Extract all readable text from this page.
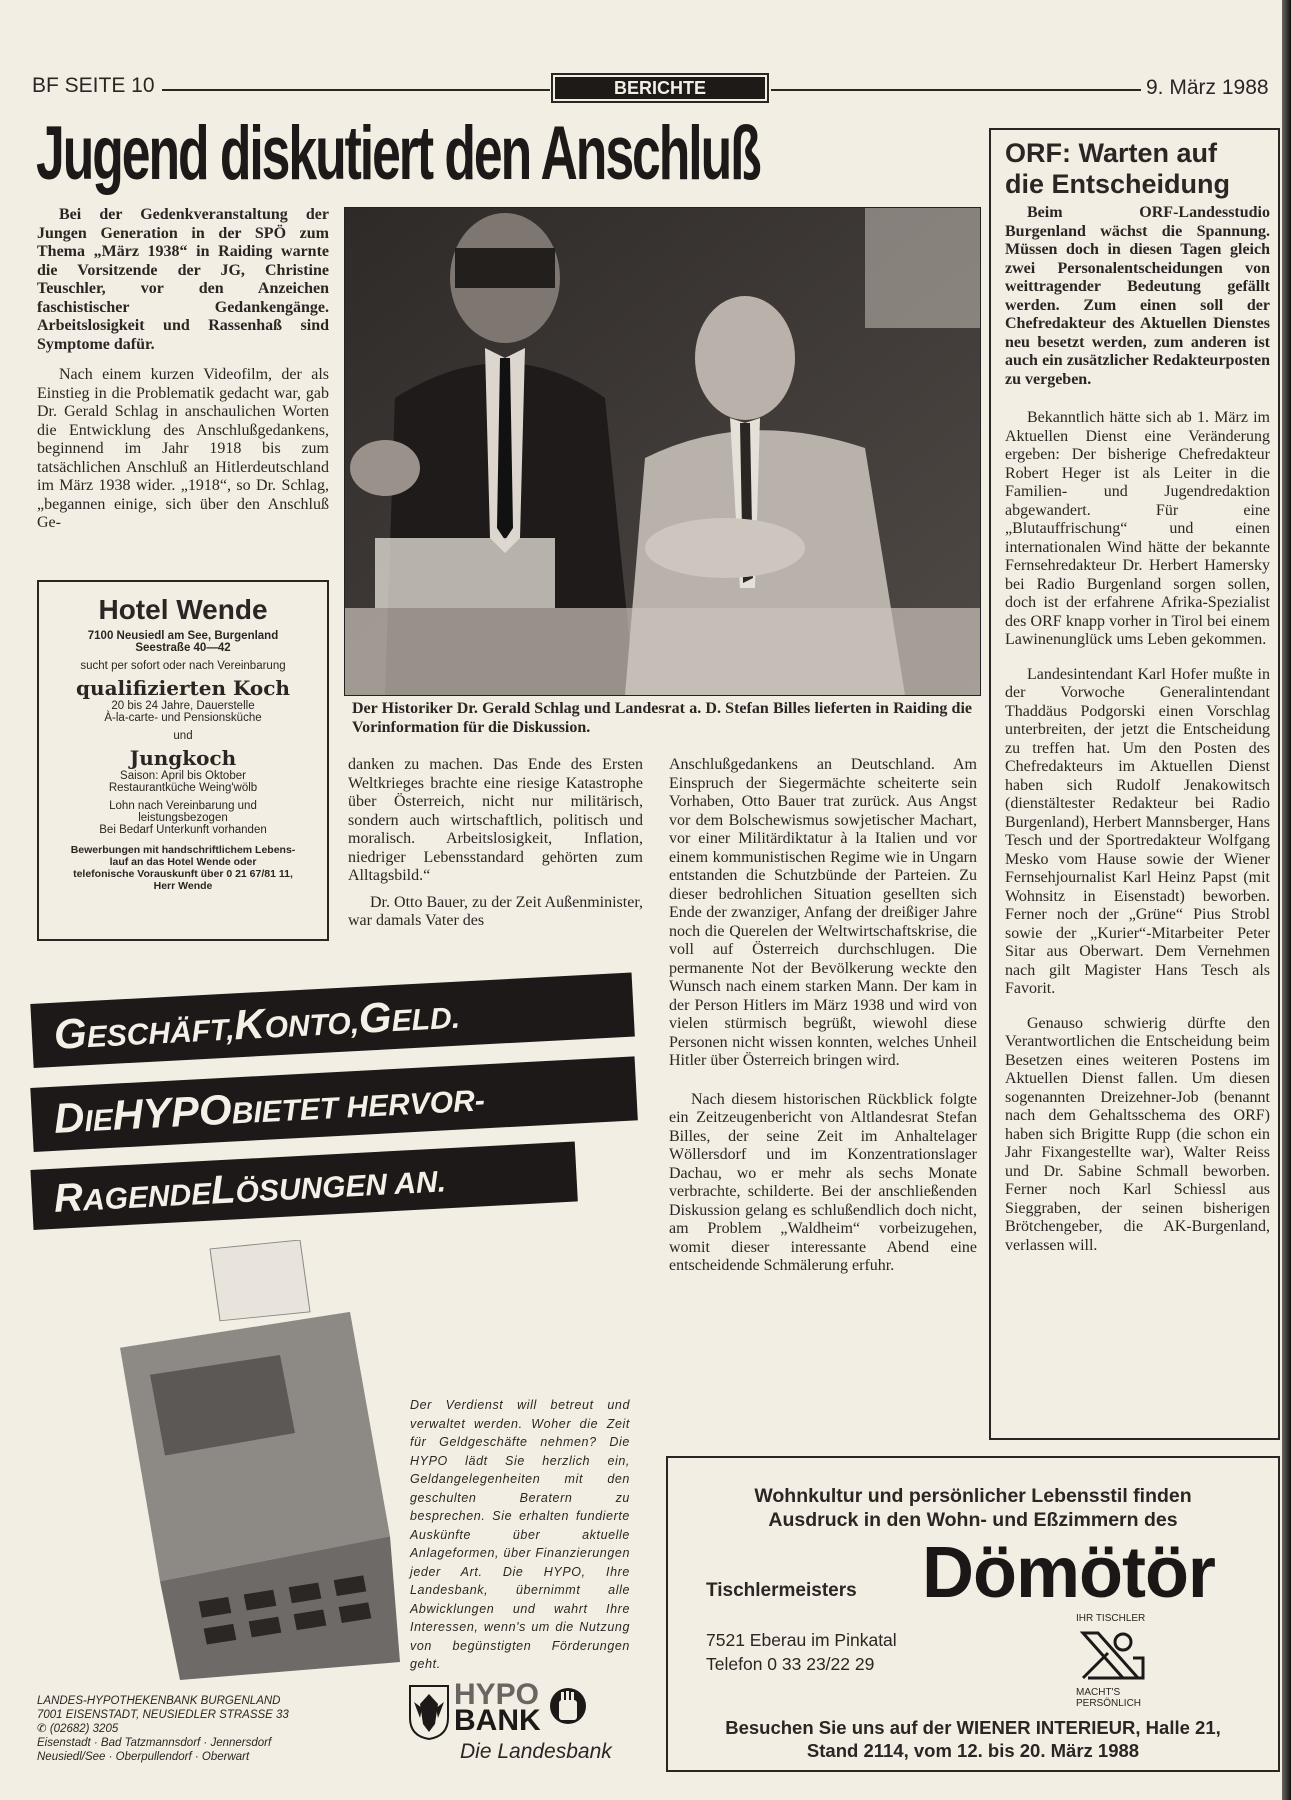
BF SEITE 10	BERICHTE	9. März 1988
Jugend diskutiert den Anschluß

Bei der Gedenkveranstaltung der Jungen Generation in der SPÖ zum Thema „März 1938“ in Raiding warnte die Vorsitzende der JG, Christine Teuschler, vor den Anzeichen faschistischer Gedankengänge. Arbeitslosigkeit und Rassenhaß sind Symptome dafür.

Nach einem kurzen Videofilm, der als Einstieg in die Problematik gedacht war, gab Dr. Gerald Schlag in anschaulichen Worten die Entwicklung des Anschlußgedankens, beginnend im Jahr 1918 bis zum tatsächlichen Anschluß an Hitlerdeutschland im März 1938 wider. „1918“, so Dr. Schlag, „begannen einige, sich über den Anschluß Ge-

Der Historiker Dr. Gerald Schlag und Landesrat a. D. Stefan Billes lieferten in Raiding die Vorinformation für die Diskussion.
Hotel Wende
7100 Neusiedl am See, Burgenland
Seestraße 40—42
sucht per sofort oder nach Vereinbarung
qualifizierten Koch
20 bis 24 Jahre, Dauerstelle
À-la-carte- und Pensionsküche
und
Jungkoch
Saison: April bis Oktober
Restaurantküche Weing'wölb
Lohn nach Vereinbarung und
leistungsbezogen
Bei Bedarf Unterkunft vorhanden
Bewerbungen mit handschriftlichem Lebens-
lauf an das Hotel Wende oder
telefonische Vorauskunft über 0 21 67/81 11,
Herr Wende

danken zu machen. Das Ende des Ersten Weltkrieges brachte eine riesige Katastrophe über Österreich, nicht nur militärisch, sondern auch wirtschaftlich, politisch und moralisch. Arbeitslosigkeit, Inflation, niedriger Lebensstandard gehörten zum Alltagsbild.“

Dr. Otto Bauer, zu der Zeit Außenminister, war damals Vater des

Anschlußgedankens an Deutschland. Am Einspruch der Siegermächte scheiterte sein Vorhaben, Otto Bauer trat zurück. Aus Angst vor dem Bolschewismus sowjetischer Machart, vor einer Militärdiktatur à la Italien und vor einem kommunistischen Regime wie in Ungarn entstanden die Schutzbünde der Parteien. Zu dieser bedrohlichen Situation gesellten sich Ende der zwanziger, Anfang der dreißiger Jahre noch die Querelen der Weltwirtschaftskrise, die voll auf Österreich durchschlugen. Die permanente Not der Bevölkerung weckte den Wunsch nach einem starken Mann. Der kam in der Person Hitlers im März 1938 und wird von vielen stürmisch begrüßt, wiewohl diese Personen nicht wissen konnten, welches Unheil Hitler über Österreich bringen wird.

Nach diesem historischen Rückblick folgte ein Zeitzeugenbericht von Altlandesrat Stefan Billes, der seine Zeit im Anhaltelager Wöllersdorf und im Konzentrationslager Dachau, wo er mehr als sechs Monate verbrachte, schilderte. Bei der anschließenden Diskussion gelang es schlußendlich doch nicht, am Problem „Waldheim“ vorbeizugehen, womit dieser interessante Abend eine entscheidende Schmälerung erfuhr.

ORF: Warten auf die Entscheidung

Beim ORF-Landesstudio Burgenland wächst die Spannung. Müssen doch in diesen Tagen gleich zwei Personalentscheidungen von weittragender Bedeutung gefällt werden. Zum einen soll der Chefredakteur des Aktuellen Dienstes neu besetzt werden, zum anderen ist auch ein zusätzlicher Redakteurposten zu vergeben.

Bekanntlich hätte sich ab 1. März im Aktuellen Dienst eine Veränderung ergeben: Der bisherige Chefredakteur Robert Heger ist als Leiter in die Familien- und Jugendredaktion abgewandert. Für eine „Blutauffrischung“ und einen internationalen Wind hätte der bekannte Fernsehredakteur Dr. Herbert Hamersky bei Radio Burgenland sorgen sollen, doch ist der erfahrene Afrika-Spezialist des ORF knapp vorher in Tirol bei einem Lawinenunglück ums Leben gekommen.

Landesintendant Karl Hofer mußte in der Vorwoche Generalintendant Thaddäus Podgorski einen Vorschlag unterbreiten, der jetzt die Entscheidung zu treffen hat. Um den Posten des Chefredakteurs im Aktuellen Dienst haben sich Rudolf Jenakowitsch (dienstältester Redakteur bei Radio Burgenland), Herbert Mannsberger, Hans Tesch und der Sportredakteur Wolfgang Mesko vom Hause sowie der Wiener Fernsehjournalist Karl Heinz Papst (mit Wohnsitz in Eisenstadt) beworben. Ferner noch der „Grüne“ Pius Strobl sowie der „Kurier“-Mitarbeiter Peter Sitar aus Oberwart. Dem Vernehmen nach gilt Magister Hans Tesch als Favorit.

Genauso schwierig dürfte den Verantwortlichen die Entscheidung beim Besetzen eines weiteren Postens im Aktuellen Dienst fallen. Um diesen sogenannten Dreizehner-Job (benannt nach dem Gehaltsschema des ORF) haben sich Brigitte Rupp (die schon ein Jahr Fixangestellte war), Walter Reiss und Dr. Sabine Schmall beworben. Ferner noch Karl Schiessl aus Sieggraben, der seinen bisherigen Brötchengeber, die AK-Burgenland, verlassen will.

GESCHÄFT,KONTO,GELD.
DIEHYPOBIETET HERVOR-
RAGENDELÖSUNGEN AN.
Der Verdienst will betreut und verwaltet werden. Woher die Zeit für Geldgeschäfte nehmen? Die HYPO lädt Sie herzlich ein, Geldangelegenheiten mit den geschulten Beratern zu besprechen. Sie erhalten fundierte Auskünfte über aktuelle Anlageformen, über Finanzierungen jeder Art. Die HYPO, Ihre Landesbank, übernimmt alle Abwicklungen und wahrt Ihre Interessen, wenn's um die Nutzung von begünstigten Förderungen geht.
LANDES-HYPOTHEKENBANK BURGENLAND
7001 EISENSTADT, NEUSIEDLER STRASSE 33
✆ (02682) 3205
Eisenstadt · Bad Tatzmannsdorf · Jennersdorf
Neusiedl/See · Oberpullendorf · Oberwart
HYPO
BANK
Die Landesbank
Wohnkultur und persönlicher Lebensstil finden
Ausdruck in den Wohn- und Eßzimmern des
Tischlermeisters Dömötör
7521 Eberau im Pinkatal
Telefon 0 33 23/22 29
IHR TISCHLER
MACHT'S
PERSÖNLICH
Besuchen Sie uns auf der WIENER INTERIEUR, Halle 21,
Stand 2114, vom 12. bis 20. März 1988
